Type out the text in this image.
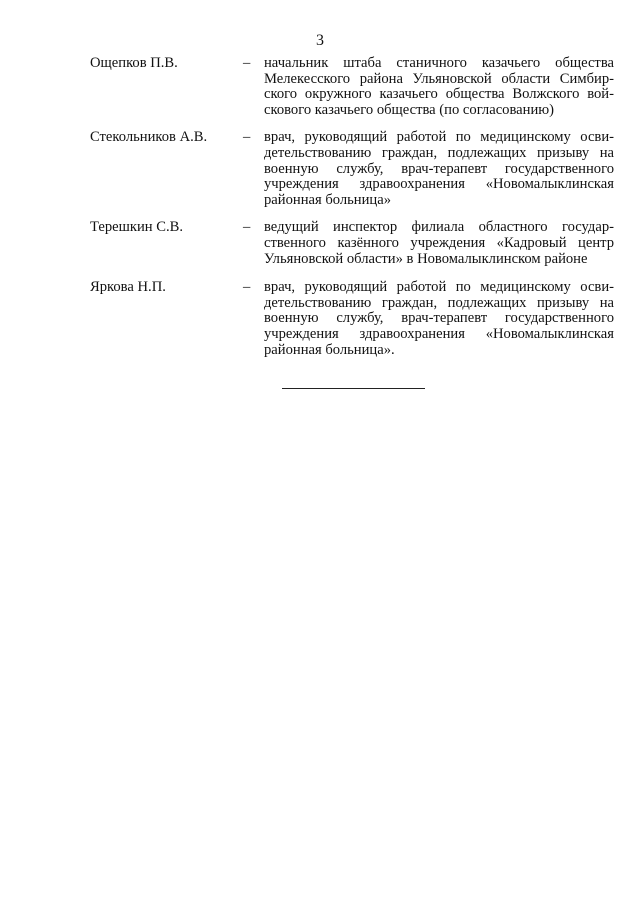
3
Ощепков П.В.	– начальник штаба станичного казачьего общества Мелекесского района Ульяновской области Симбирского окружного казачьего общества Волжского войскового казачьего общества (по согласованию)
Стекольников А.В.	– врач, руководящий работой по медицинскому освидетельствованию граждан, подлежащих призыву на военную службу, врач-терапевт государственного учреждения здравоохранения «Новомалыклинская районная больница»
Терешкин С.В.	– ведущий инспектор филиала областного государственного казённого учреждения «Кадровый центр Ульяновской области» в Новомалыклинском районе
Яркова Н.П.	– врач, руководящий работой по медицинскому освидетельствованию граждан, подлежащих призыву на военную службу, врач-терапевт государственного учреждения здравоохранения «Новомалыклинская районная больница».
